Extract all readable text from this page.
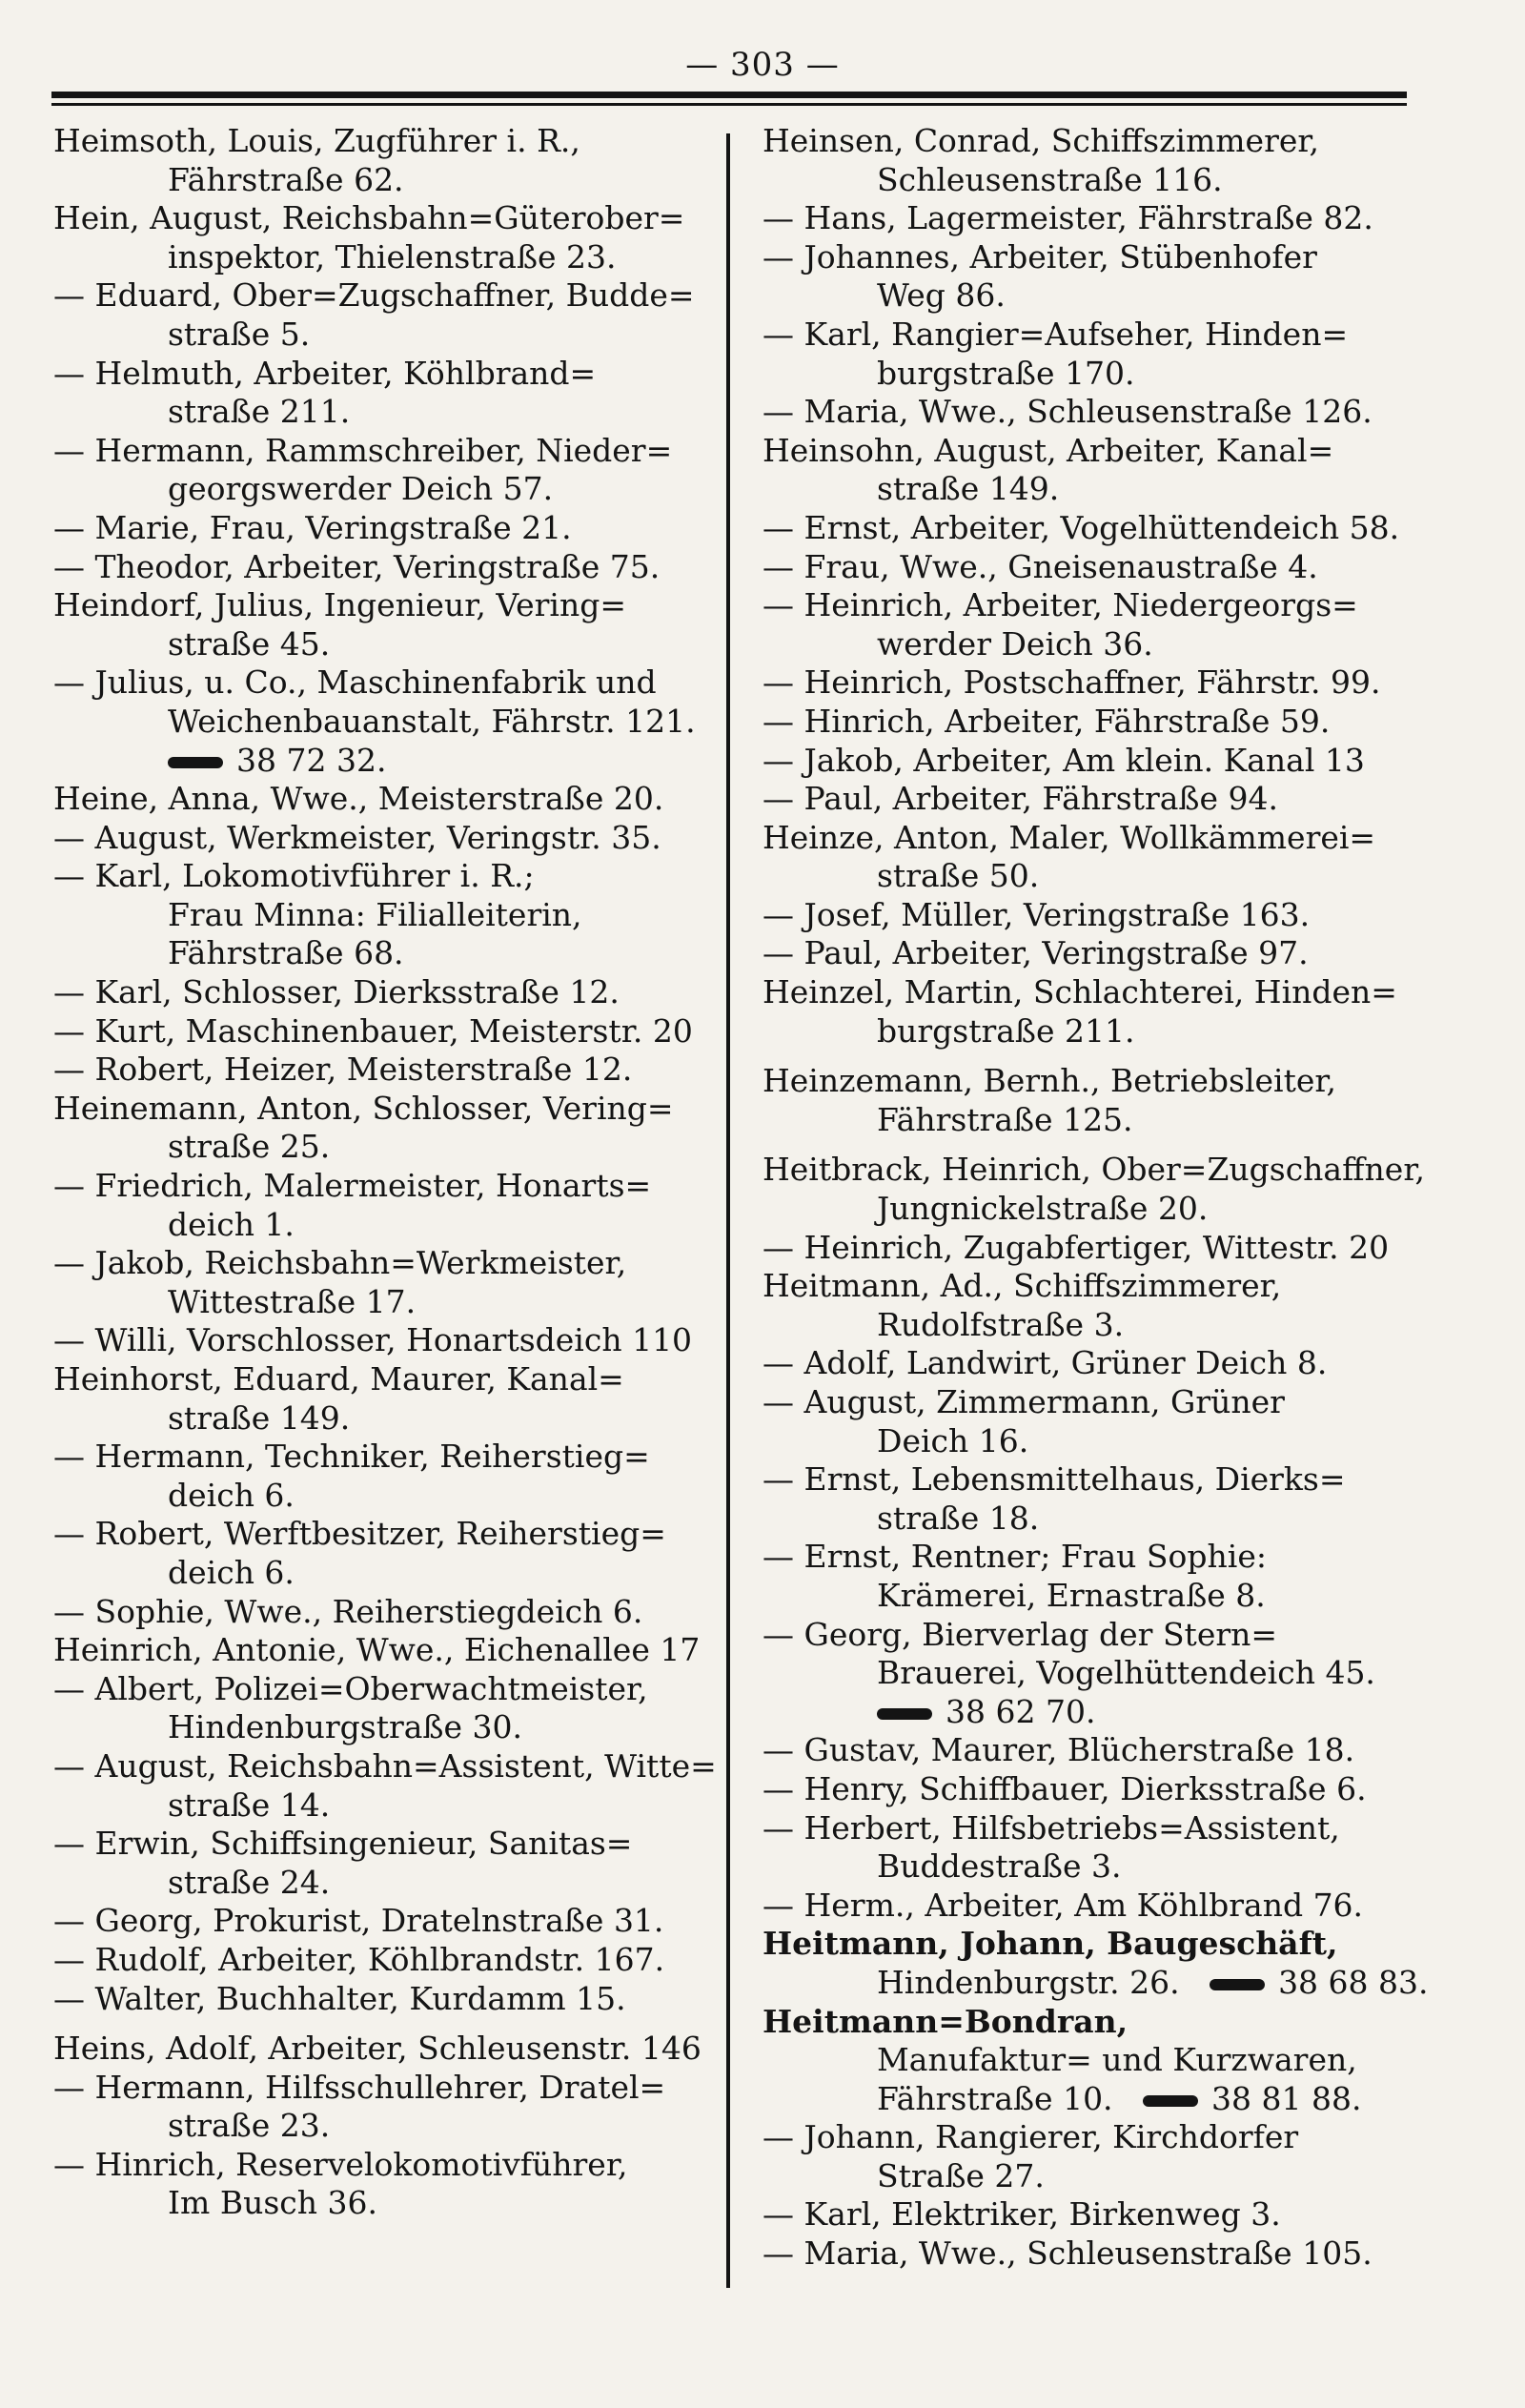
— 303 —
Heimsoth, Louis, Zugführer i. R.,
Fährstraße 62.
Hein, August, Reichsbahn=Güterober=
inspektor, Thielenstraße 23.
— Eduard, Ober=Zugschaffner, Budde=
straße 5.
— Helmuth, Arbeiter, Köhlbrand=
straße 211.
— Hermann, Rammschreiber, Nieder=
georgswerder Deich 57.
— Marie, Frau, Veringstraße 21.
— Theodor, Arbeiter, Veringstraße 75.
Heindorf, Julius, Ingenieur, Vering=
straße 45.
— Julius, u. Co., Maschinenfabrik und
Weichenbauanstalt, Fährstr. 121.
38 72 32.
Heine, Anna, Wwe., Meisterstraße 20.
— August, Werkmeister, Veringstr. 35.
— Karl, Lokomotivführer i. R.;
Frau Minna: Filialleiterin,
Fährstraße 68.
— Karl, Schlosser, Dierksstraße 12.
— Kurt, Maschinenbauer, Meisterstr. 20
— Robert, Heizer, Meisterstraße 12.
Heinemann, Anton, Schlosser, Vering=
straße 25.
— Friedrich, Malermeister, Honarts=
deich 1.
— Jakob, Reichsbahn=Werkmeister,
Wittestraße 17.
— Willi, Vorschlosser, Honartsdeich 110
Heinhorst, Eduard, Maurer, Kanal=
straße 149.
— Hermann, Techniker, Reiherstieg=
deich 6.
— Robert, Werftbesitzer, Reiherstieg=
deich 6.
— Sophie, Wwe., Reiherstiegdeich 6.
Heinrich, Antonie, Wwe., Eichenallee 17
— Albert, Polizei=Oberwachtmeister,
Hindenburgstraße 30.
— August, Reichsbahn=Assistent, Witte=
straße 14.
— Erwin, Schiffsingenieur, Sanitas=
straße 24.
— Georg, Prokurist, Dratelnstraße 31.
— Rudolf, Arbeiter, Köhlbrandstr. 167.
— Walter, Buchhalter, Kurdamm 15.
Heins, Adolf, Arbeiter, Schleusenstr. 146
— Hermann, Hilfsschullehrer, Dratel=
straße 23.
— Hinrich, Reservelokomotivführer,
Im Busch 36.
Heinsen, Conrad, Schiffszimmerer,
Schleusenstraße 116.
— Hans, Lagermeister, Fährstraße 82.
— Johannes, Arbeiter, Stübenhofer
Weg 86.
— Karl, Rangier=Aufseher, Hinden=
burgstraße 170.
— Maria, Wwe., Schleusenstraße 126.
Heinsohn, August, Arbeiter, Kanal=
straße 149.
— Ernst, Arbeiter, Vogelhüttendeich 58.
— Frau, Wwe., Gneisenaustraße 4.
— Heinrich, Arbeiter, Niedergeorgs=
werder Deich 36.
— Heinrich, Postschaffner, Fährstr. 99.
— Hinrich, Arbeiter, Fährstraße 59.
— Jakob, Arbeiter, Am klein. Kanal 13
— Paul, Arbeiter, Fährstraße 94.
Heinze, Anton, Maler, Wollkämmerei=
straße 50.
— Josef, Müller, Veringstraße 163.
— Paul, Arbeiter, Veringstraße 97.
Heinzel, Martin, Schlachterei, Hinden=
burgstraße 211.
Heinzemann, Bernh., Betriebsleiter,
Fährstraße 125.
Heitbrack, Heinrich, Ober=Zugschaffner,
Jungnickelstraße 20.
— Heinrich, Zugabfertiger, Wittestr. 20
Heitmann, Ad., Schiffszimmerer,
Rudolfstraße 3.
— Adolf, Landwirt, Grüner Deich 8.
— August, Zimmermann, Grüner
Deich 16.
— Ernst, Lebensmittelhaus, Dierks=
straße 18.
— Ernst, Rentner; Frau Sophie:
Krämerei, Ernastraße 8.
— Georg, Bierverlag der Stern=
Brauerei, Vogelhüttendeich 45.
38 62 70.
— Gustav, Maurer, Blücherstraße 18.
— Henry, Schiffbauer, Dierksstraße 6.
— Herbert, Hilfsbetriebs=Assistent,
Buddestraße 3.
— Herm., Arbeiter, Am Köhlbrand 76.
Heitmann, Johann, Baugeschäft,
Hindenburgstr. 26.	38 68 83.
Heitmann=Bondran,
Manufaktur= und Kurzwaren,
Fährstraße 10.	38 81 88.
— Johann, Rangierer, Kirchdorfer
Straße 27.
— Karl, Elektriker, Birkenweg 3.
— Maria, Wwe., Schleusenstraße 105.
